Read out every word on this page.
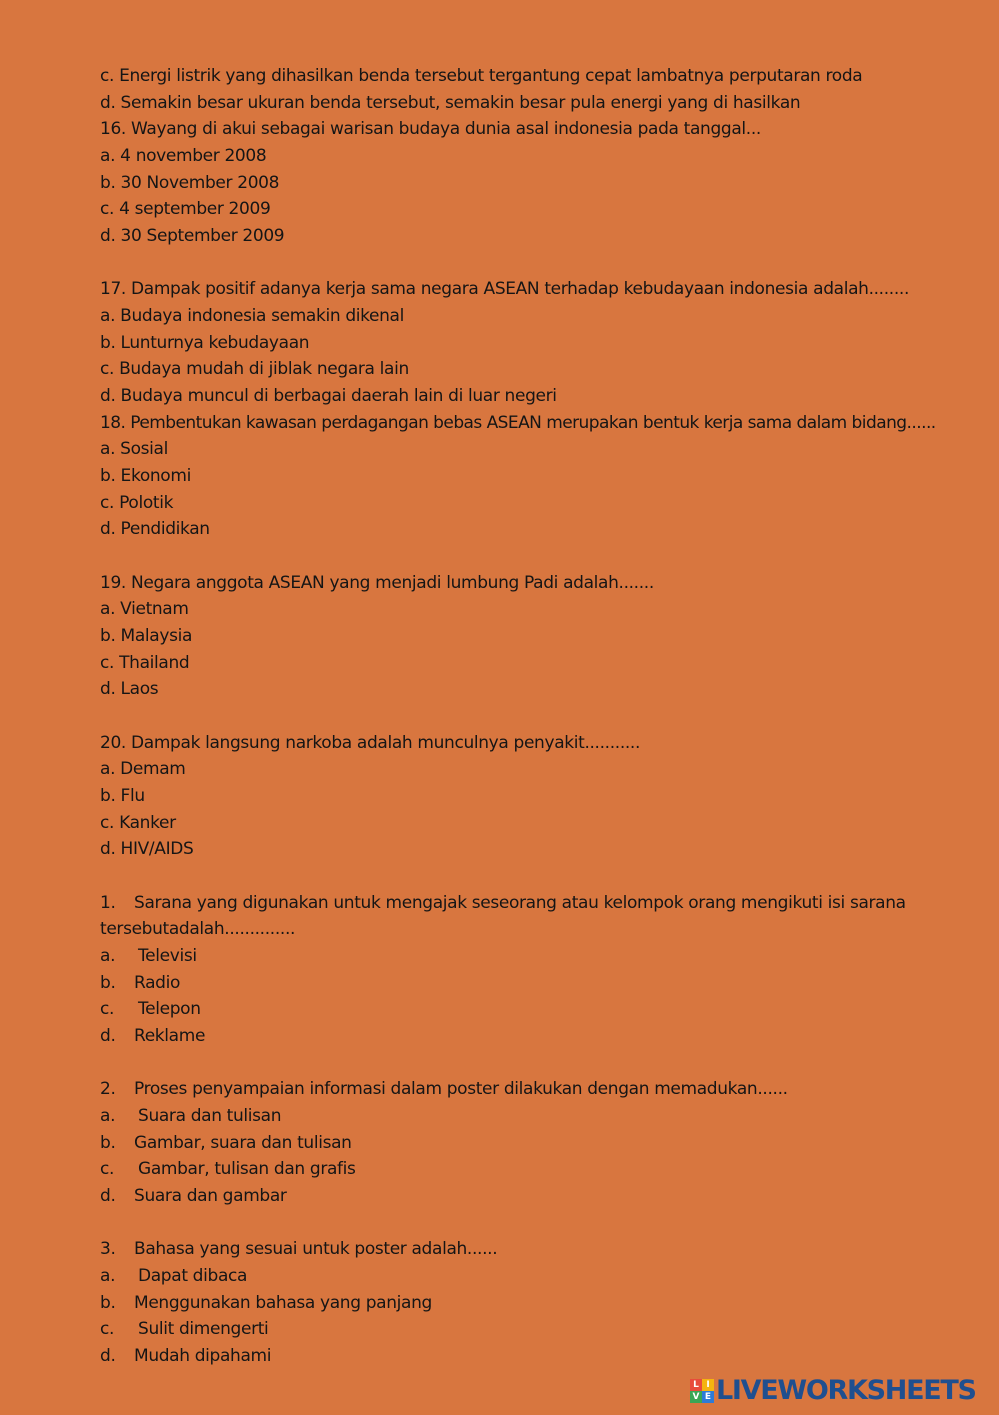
c. Energi listrik yang dihasilkan benda tersebut tergantung cepat lambatnya perputaran roda
d. Semakin besar ukuran benda tersebut, semakin besar pula energi yang di hasilkan
16. Wayang di akui sebagai warisan budaya dunia asal indonesia pada tanggal...
a. 4 november 2008
b. 30 November 2008
c. 4 september 2009
d. 30 September 2009
17. Dampak positif adanya kerja sama negara ASEAN terhadap kebudayaan indonesia adalah........
a. Budaya indonesia semakin dikenal
b. Lunturnya kebudayaan
c. Budaya mudah di jiblak negara lain
d. Budaya muncul di berbagai daerah lain di luar negeri
18. Pembentukan kawasan perdagangan bebas ASEAN merupakan bentuk kerja sama dalam bidang......
a. Sosial
b. Ekonomi
c. Polotik
d. Pendidikan
19. Negara anggota ASEAN yang menjadi lumbung Padi adalah.......
a. Vietnam
b. Malaysia
c. Thailand
d. Laos
20. Dampak langsung narkoba adalah munculnya penyakit...........
a. Demam
b. Flu
c. Kanker
d. HIV/AIDS
1. Sarana yang digunakan untuk mengajak seseorang atau kelompok orang mengikuti isi sarana
tersebutadalah..............
a. Televisi
b. Radio
c. Telepon
d. Reklame
2. Proses penyampaian informasi dalam poster dilakukan dengan memadukan......
a. Suara dan tulisan
b. Gambar, suara dan tulisan
c. Gambar, tulisan dan grafis
d. Suara dan gambar
3. Bahasa yang sesuai untuk poster adalah......
a. Dapat dibaca
b. Menggunakan bahasa yang panjang
c. Sulit dimengerti
d. Mudah dipahami
L I
V E LIVEWORKSHEETS
